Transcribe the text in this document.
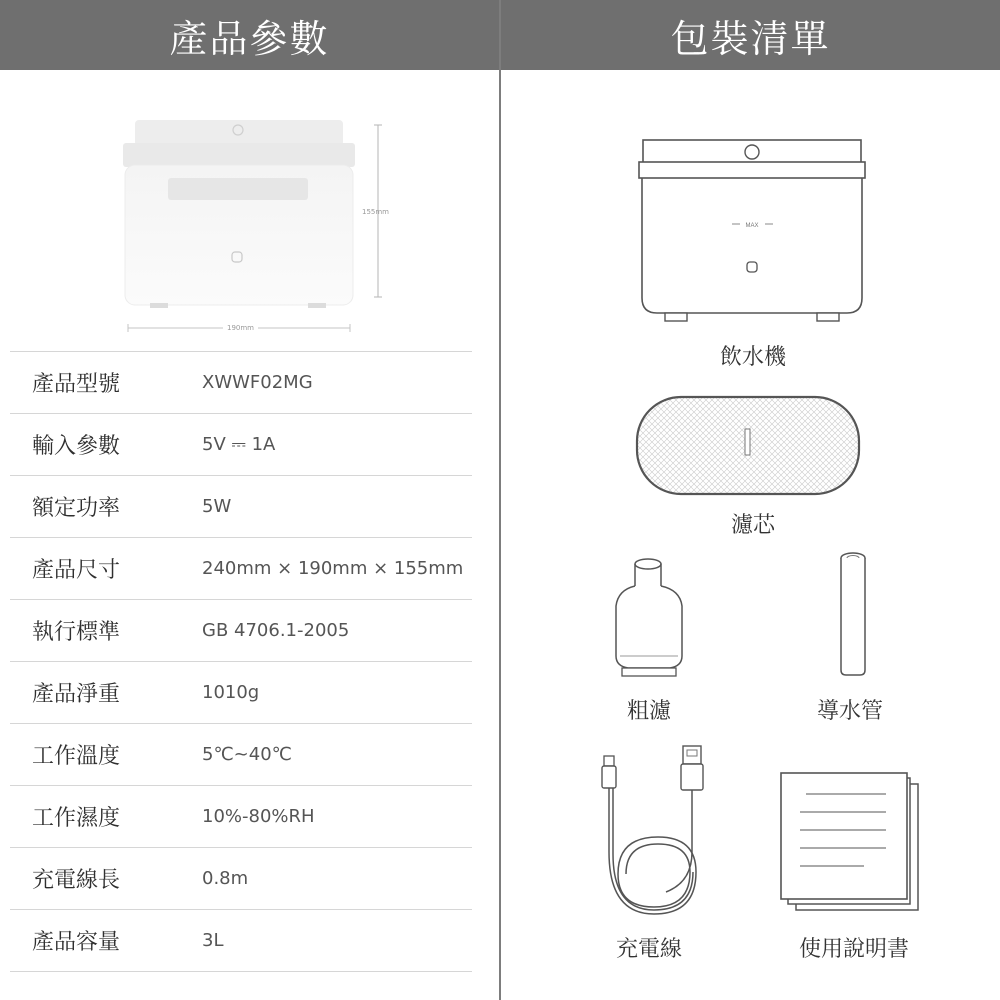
產品參數	包裝清單
155mm
190mm
產品型號	XWWF02MG
輸入參數	5V ⎓ 1A
額定功率	5W
產品尺寸	240mm × 190mm × 155mm
執行標準	GB 4706.1-2005
產品淨重	1010g
工作溫度	5℃~40℃
工作濕度	10%-80%RH
充電線長	0.8m
產品容量	3L
MAX
飲水機
濾芯
粗濾	導水管
充電線	使用說明書
